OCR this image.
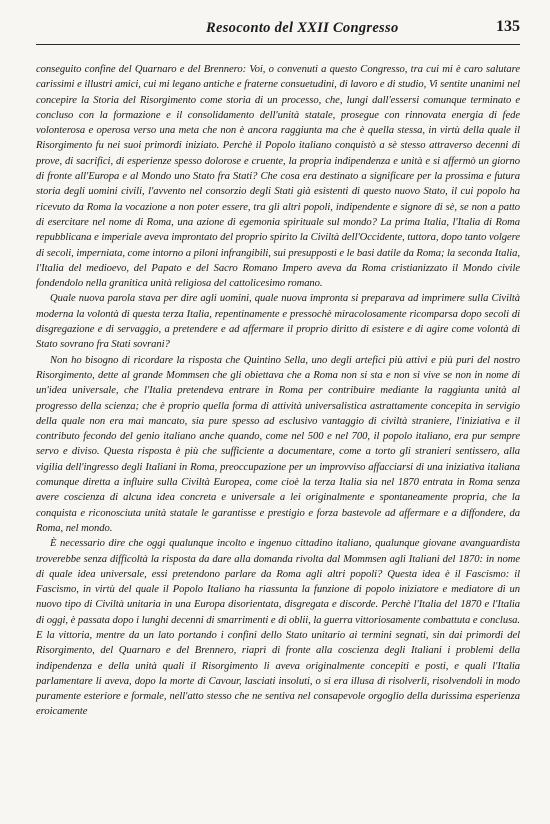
Resoconto del XXII Congresso	135

conseguito confine del Quarnaro e del Brennero: Voi, o convenuti a questo Congresso, tra cui mi è caro salutare carissimi e illustri amici, cui mi legano antiche e fraterne consuetudini, di lavoro e di studio, Vi sentite unanimi nel concepire la Storia del Risorgimento come storia di un processo, che, lungi dall'essersi comunque terminato e concluso con la formazione e il consolidamento dell'unità statale, prosegue con rinnovata energia di fede volonterosa e operosa verso una meta che non è ancora raggiunta ma che è quella stessa, in virtù della quale il Risorgimento fu nei suoi primordi iniziato. Perchè il Popolo italiano conquistò a sè stesso attraverso decenni di prove, di sacrifici, di esperienze spesso dolorose e cruente, la propria indipendenza e unità e si affermò un giorno di fronte all'Europa e al Mondo uno Stato fra Stati? Che cosa era destinato a significare per la prossima e futura storia degli uomini civili, l'avvento nel consorzio degli Stati già esistenti di questo nuovo Stato, il cui popolo ha ricevuto da Roma la vocazione a non poter essere, tra gli altri popoli, indipendente e signore di sè, se non a patto di esercitare nel nome di Roma, una azione di egemonia spirituale sul mondo? La prima Italia, l'Italia di Roma repubblicana e imperiale aveva improntato del proprio spirito la Civiltà dell'Occidente, tuttora, dopo tanto volgere di secoli, imperniata, come intorno a piloni infrangibili, sui presupposti e le basi datile da Roma; la seconda Italia, l'Italia del medioevo, del Papato e del Sacro Romano Impero aveva da Roma cristianizzato il Mondo civile fondendolo nella granitica unità religiosa del cattolicesimo romano.

Quale nuova parola stava per dire agli uomini, quale nuova impronta si preparava ad imprimere sulla Civiltà moderna la volontà di questa terza Italia, repentinamente e pressochè miracolosamente ricomparsa dopo secoli di disgregazione e di servaggio, a pretendere e ad affermare il proprio diritto di esistere e di agire come volontà di Stato sovrano fra Stati sovrani?

Non ho bisogno di ricordare la risposta che Quintino Sella, uno degli artefici più attivi e più puri del nostro Risorgimento, dette al grande Mommsen che gli obiettava che a Roma non si sta e non si vive se non in nome di un'idea universale, che l'Italia pretendeva entrare in Roma per contribuire mediante la raggiunta unità al progresso della scienza; che è proprio quella forma di attività universalistica astrattamente concepita in servigio della quale non era mai mancato, sia pure spesso ad esclusivo vantaggio di civiltà straniere, l'iniziativa e il contributo fecondo del genio italiano anche quando, come nel 500 e nel 700, il popolo italiano, era pur sempre servo e diviso. Questa risposta è più che sufficiente a documentare, come a torto gli stranieri sentissero, alla vigilia dell'ingresso degli Italiani in Roma, preoccupazione per un improvviso affacciarsi di una iniziativa italiana comunque diretta a influire sulla Civiltà Europea, come cioè la terza Italia sia nel 1870 entrata in Roma senza avere coscienza di alcuna idea concreta e universale a lei originalmente e spontaneamente propria, che la conquista e riconosciuta unità statale le garantisse e prestigio e forza bastevole ad affermare e a diffondere, da Roma, nel mondo.

È necessario dire che oggi qualunque incolto e ingenuo cittadino italiano, qualunque giovane avanguardista troverebbe senza difficoltà la risposta da dare alla domanda rivolta dal Mommsen agli Italiani del 1870: in nome di quale idea universale, essi pretendono parlare da Roma agli altri popoli? Questa idea è il Fascismo: il Fascismo, in virtù del quale il Popolo Italiano ha riassunta la funzione di popolo iniziatore e mediatore di un nuovo tipo di Civiltà unitaria in una Europa disorientata, disgregata e discorde. Perchè l'Italia del 1870 e l'Italia di oggi, è passata dopo i lunghi decenni di smarrimenti e di oblii, la guerra vittoriosamente combattuta e conclusa. E la vittoria, mentre da un lato portando i confini dello Stato unitario ai termini segnati, sin dai primordi del Risorgimento, del Quarnaro e del Brennero, riaprì di fronte alla coscienza degli Italiani i problemi della indipendenza e della unità quali il Risorgimento li aveva originalmente concepiti e posti, e quali l'Italia parlamentare li aveva, dopo la morte di Cavour, lasciati insoluti, o si era illusa di risolverli, risolvendoli in modo puramente esteriore e formale, nell'atto stesso che ne sentiva nel consapevole orgoglio della durissima esperienza eroicamente
